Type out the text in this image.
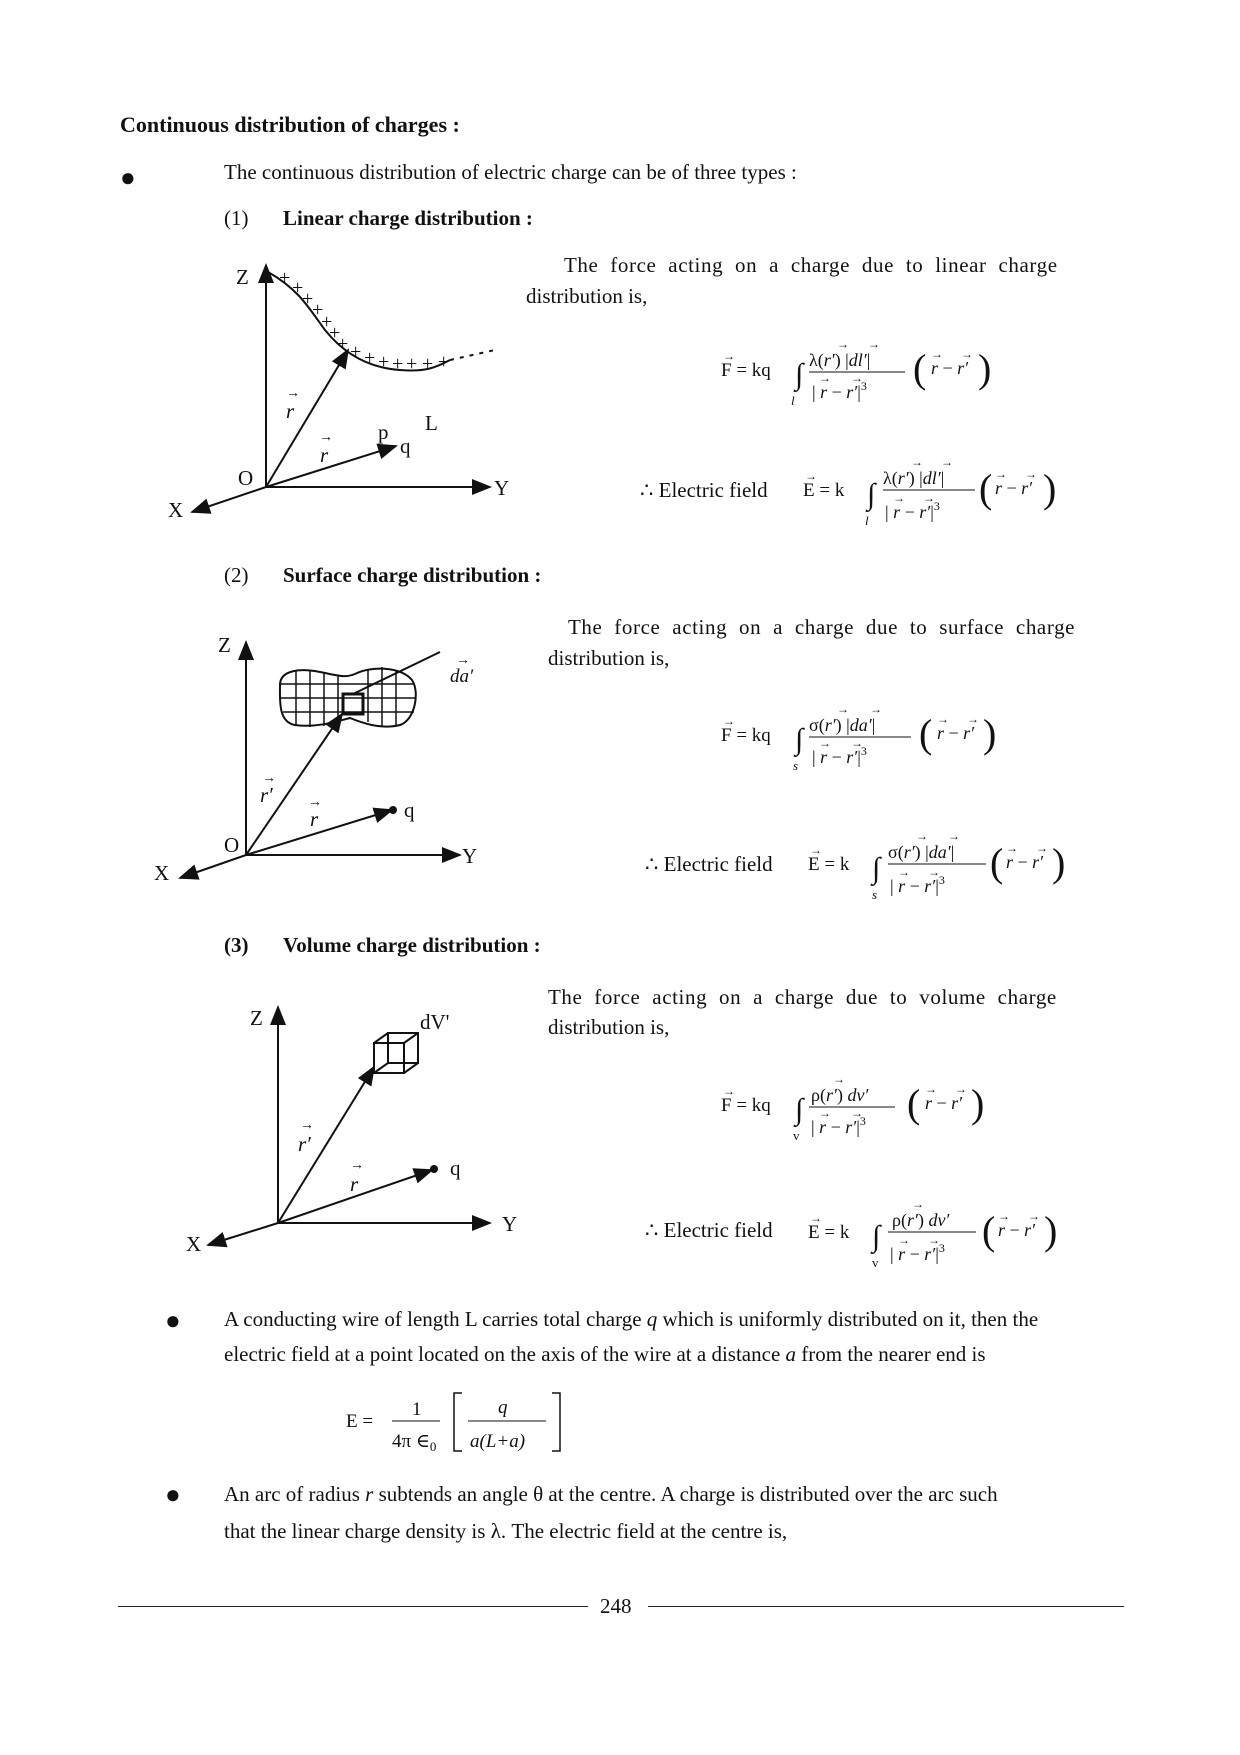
Continuous distribution of charges :
●	The continuous distribution of electric charge can be of three types :
(1) Linear charge distribution :
++++ ++++ + + + + + +
Z
Y
X
O
p
q
L
r
r
→
→
The force acting on a charge due to linear charge
distribution is,
F = kq ∫
l
λ(r′) |dl′|
| $r - r'|^3$ ( r − r′ )
→
→ →
→ →
→ →
∴ Electric field E = k ∫
l
λ(r′) |dl′|
| $r - r'|^3$ ( r − r′ )
→
→ →
→ →
→ →
(2) Surface charge distribution :
Z
Y
X
O
q
da′
r′
r
→
→
→
The force acting on a charge due to surface charge
distribution is,
F = kq ∫
s
σ(r′) |da′|
| $r - r'|^3$ ( r − r′ )
→
→ →
→ →
→ →
∴ Electric field E = k ∫
s
σ(r′) |da′|
| $r - r'|^3$ ( r − r′ )
→
→ →
→ →
→ →
(3) Volume charge distribution :
Z
Y
X
q
dV'
r′
r
→
→
The force acting on a charge due to volume charge
distribution is,
F = kq ∫
v
ρ(r′) dv′
| $r - r'|^3$ ( r − r′ )
→
→
→ →
→ →
∴ Electric field E = k ∫
v
ρ(r′) dv′
| $r - r'|^3$ ( r − r′ )
→
→
→ →
→ →
● A conducting wire of length L carries total charge q which is uniformly distributed on it, then the
electric field at a point located on the axis of the wire at a distance a from the nearer end is
E =
1
4π $\in_0$
q
a(L+a)
● An arc of radius r subtends an angle θ at the centre. A charge is distributed over the arc such
that the linear charge density is λ. The electric field at the centre is,
248
